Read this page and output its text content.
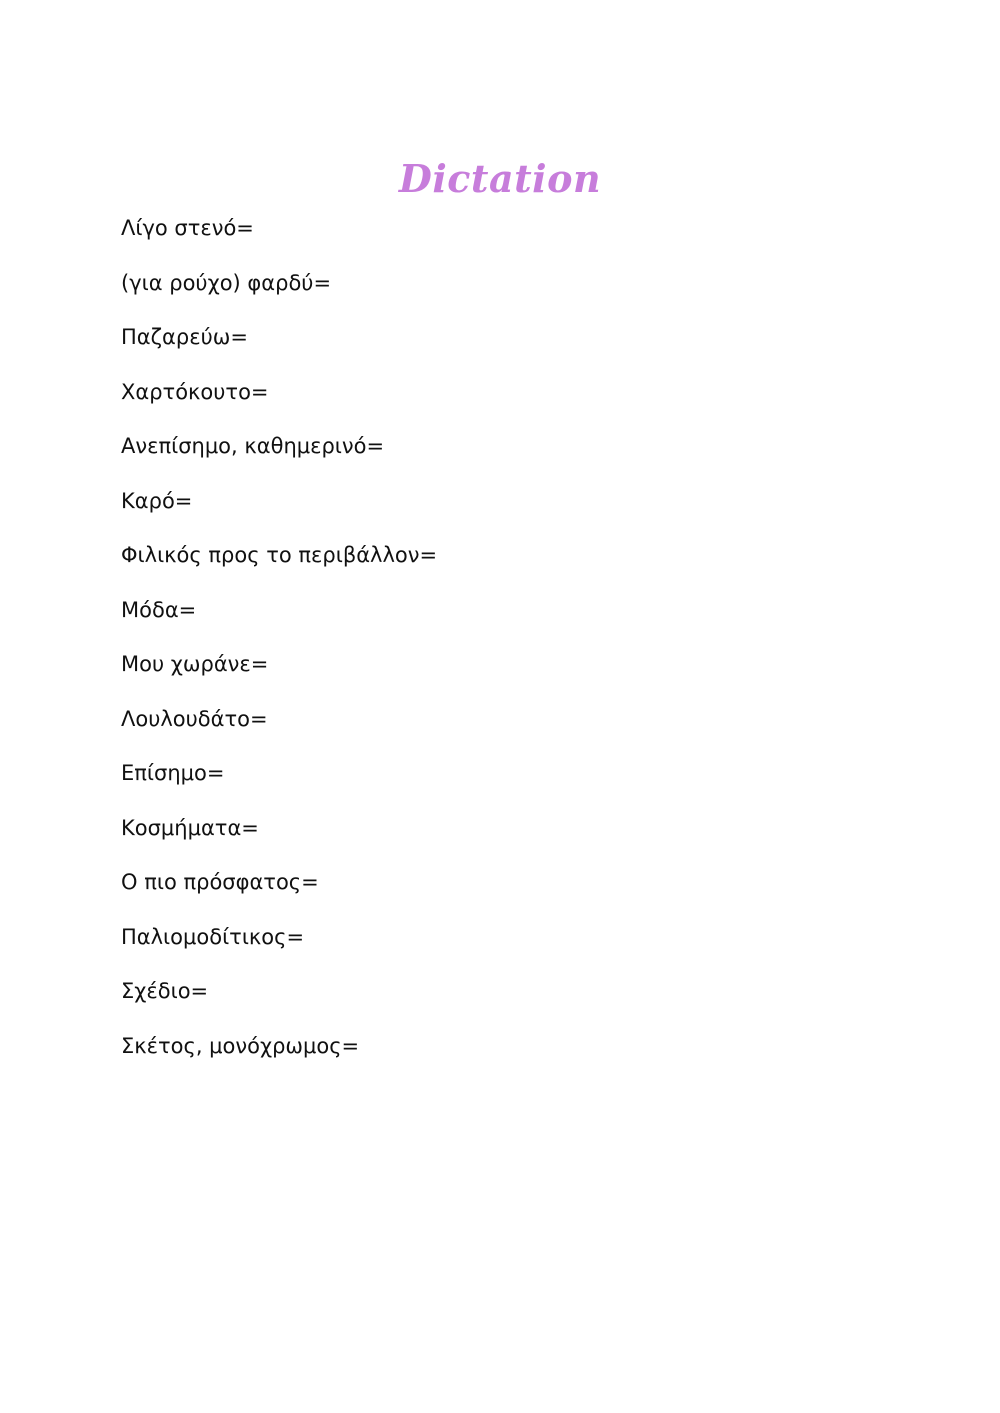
Dictation
Λίγο στενό=
(για ρούχο) φαρδύ=
Παζαρεύω=
Χαρτόκουτο=
Ανεπίσημο, καθημερινό=
Καρό=
Φιλικός προς το περιβάλλον=
Μόδα=
Μου χωράνε=
Λουλουδάτο=
Επίσημο=
Κοσμήματα=
Ο πιο πρόσφατος=
Παλιομοδίτικος=
Σχέδιο=
Σκέτος, μονόχρωμος=
